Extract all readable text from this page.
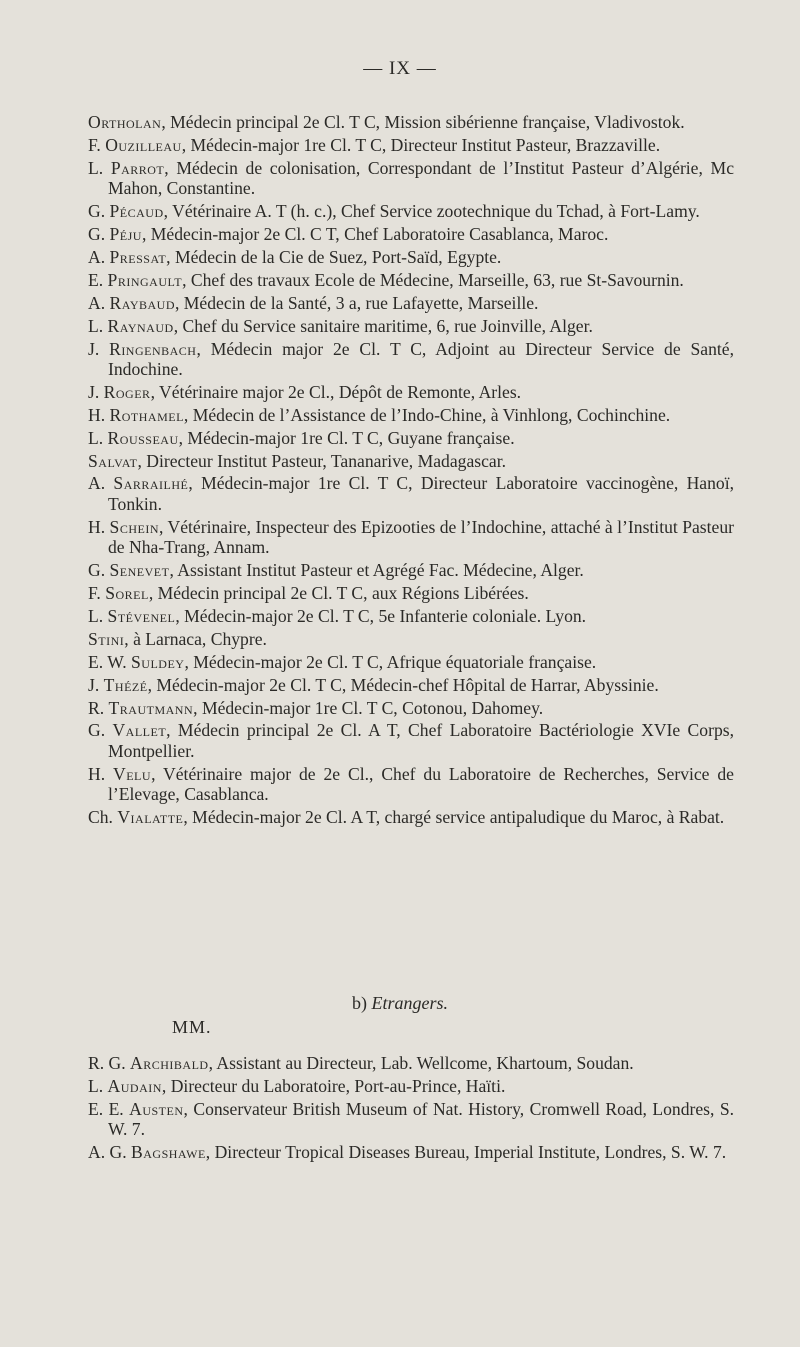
— IX —

Ortholan, Médecin principal 2e Cl. T C, Mission sibérienne française, Vladivostok.

F. Ouzilleau, Médecin-major 1re Cl. T C, Directeur Institut Pasteur, Brazzaville.

L. Parrot, Médecin de colonisation, Correspondant de l’Institut Pasteur d’Algérie, Mc Mahon, Constantine.

G. Pécaud, Vétérinaire A. T (h. c.), Chef Service zootechnique du Tchad, à Fort-Lamy.

G. Péju, Médecin-major 2e Cl. C T, Chef Laboratoire Casablanca, Maroc.

A. Pressat, Médecin de la Cie de Suez, Port-Saïd, Egypte.

E. Pringault, Chef des travaux Ecole de Médecine, Marseille, 63, rue St-Savournin.

A. Raybaud, Médecin de la Santé, 3 a, rue Lafayette, Marseille.

L. Raynaud, Chef du Service sanitaire maritime, 6, rue Joinville, Alger.

J. Ringenbach, Médecin major 2e Cl. T C, Adjoint au Directeur Service de Santé, Indochine.

J. Roger, Vétérinaire major 2e Cl., Dépôt de Remonte, Arles.

H. Rothamel, Médecin de l’Assistance de l’Indo-Chine, à Vinhlong, Cochinchine.

L. Rousseau, Médecin-major 1re Cl. T C, Guyane française.

Salvat, Directeur Institut Pasteur, Tananarive, Madagascar.

A. Sarrailhé, Médecin-major 1re Cl. T C, Directeur Laboratoire vaccinogène, Hanoï, Tonkin.

H. Schein, Vétérinaire, Inspecteur des Epizooties de l’Indochine, attaché à l’Institut Pasteur de Nha-Trang, Annam.

G. Senevet, Assistant Institut Pasteur et Agrégé Fac. Médecine, Alger.

F. Sorel, Médecin principal 2e Cl. T C, aux Régions Libérées.

L. Stévenel, Médecin-major 2e Cl. T C, 5e Infanterie coloniale. Lyon.

Stini, à Larnaca, Chypre.

E. W. Suldey, Médecin-major 2e Cl. T C, Afrique équatoriale française.

J. Thézé, Médecin-major 2e Cl. T C, Médecin-chef Hôpital de Harrar, Abyssinie.

R. Trautmann, Médecin-major 1re Cl. T C, Cotonou, Dahomey.

G. Vallet, Médecin principal 2e Cl. A T, Chef Laboratoire Bactériologie XVIe Corps, Montpellier.

H. Velu, Vétérinaire major de 2e Cl., Chef du Laboratoire de Recherches, Service de l’Elevage, Casablanca.

Ch. Vialatte, Médecin-major 2e Cl. A T, chargé service antipaludique du Maroc, à Rabat.

b) Etrangers.
MM.

R. G. Archibald, Assistant au Directeur, Lab. Wellcome, Khartoum, Soudan.

L. Audain, Directeur du Laboratoire, Port-au-Prince, Haïti.

E. E. Austen, Conservateur British Museum of Nat. History, Cromwell Road, Londres, S. W. 7.

A. G. Bagshawe, Directeur Tropical Diseases Bureau, Imperial Institute, Londres, S. W. 7.
